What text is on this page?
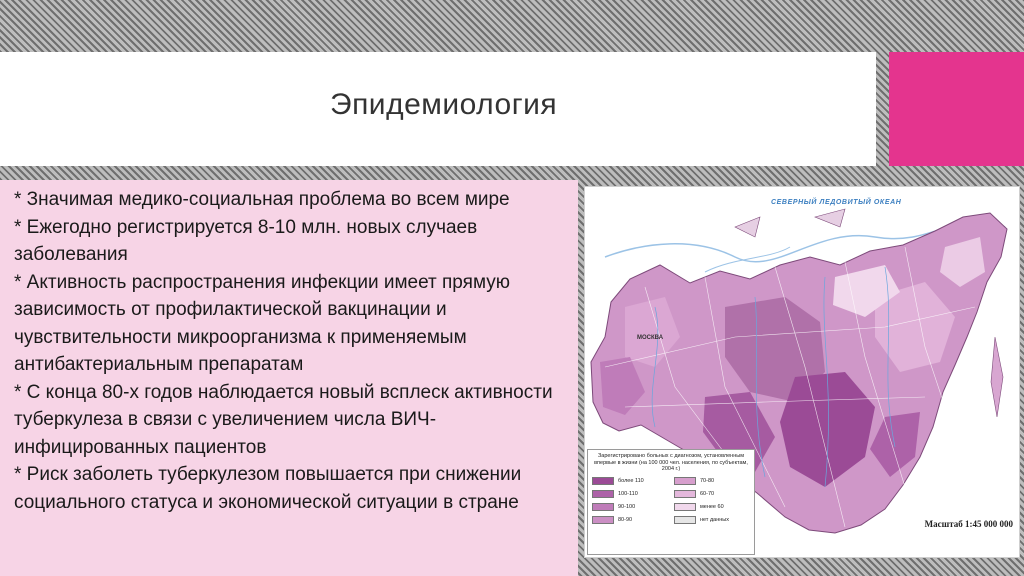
Эпидемиология

* Значимая медико-социальная проблема во всем мире

* Ежегодно регистрируется 8-10 млн. новых случаев заболевания

* Активность распространения инфекции имеет прямую зависимость от профилактической вакцинации и чувствительности микроорганизма к применяемым антибактериальным препаратам

* С конца 80-х годов наблюдается новый всплеск активности туберкулеза в связи с увеличением числа ВИЧ-инфицированных пациентов

* Риск заболеть туберкулезом повышается при снижении социального статуса и экономической ситуации в стране

СЕВЕРНЫЙ ЛЕДОВИТЫЙ ОКЕАН
МОСКВА
Зарегистрировано больных с диагнозом, установленным впервые в жизни (на 100 000 чел. населения, по субъектам, 2004 г.)
более 110	70-80
100-110	60-70
90-100	менее 60
80-90	нет данных	Масштаб 1:45 000 000
